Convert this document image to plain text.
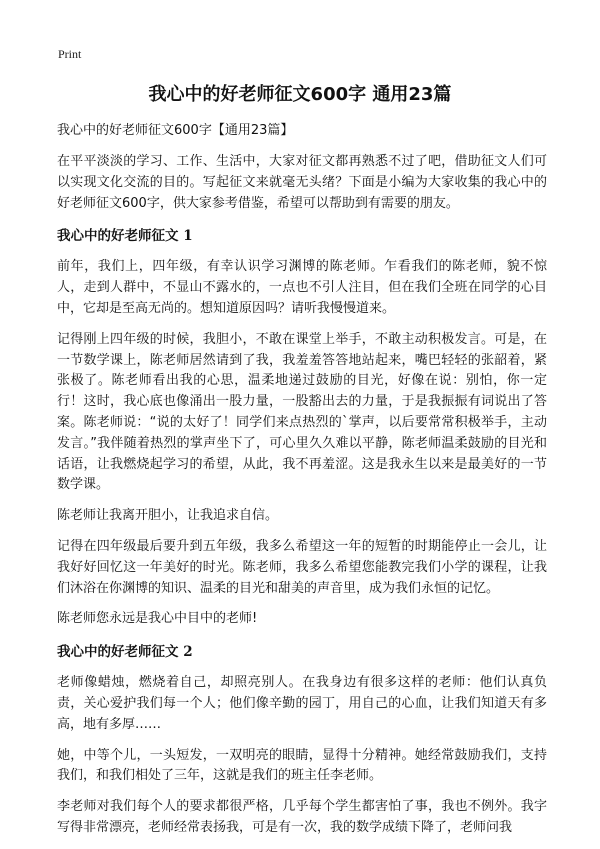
Print
我心中的好老师征文600字 通用23篇

我心中的好老师征文600字【通用23篇】

在平平淡淡的学习、工作、生活中，大家对征文都再熟悉不过了吧，借助征文人们可以实现文化交流的目的。写起征文来就毫无头绪？下面是小编为大家收集的我心中的好老师征文600字，供大家参考借鉴，希望可以帮助到有需要的朋友。

我心中的好老师征文 1

前年，我们上，四年级，有幸认识学习渊博的陈老师。乍看我们的陈老师，貌不惊人，走到人群中，不显山不露水的，一点也不引人注目，但在我们全班在同学的心目中，它却是至高无尚的。想知道原因吗？请听我慢慢道来。

记得刚上四年级的时候，我胆小，不敢在课堂上举手，不敢主动积极发言。可是，在一节数学课上，陈老师居然请到了我，我羞羞答答地站起来，嘴巴轻轻的张韶着，紧张极了。陈老师看出我的心思，温柔地递过鼓励的目光，好像在说：别怕，你一定行！这时，我心底也像涌出一股力量，一股豁出去的力量，于是我振振有词说出了答案。陈老师说：“说的太好了！同学们来点热烈的`掌声，以后要常常积极举手，主动发言。”我伴随着热烈的掌声坐下了，可心里久久难以平静，陈老师温柔鼓励的目光和话语，让我燃烧起学习的希望，从此，我不再羞涩。这是我永生以来是最美好的一节数学课。

陈老师让我离开胆小，让我追求自信。

记得在四年级最后要升到五年级，我多么希望这一年的短暂的时期能停止一会儿，让我好好回忆这一年美好的时光。陈老师，我多么希望您能教完我们小学的课程，让我们沐浴在你渊博的知识、温柔的目光和甜美的声音里，成为我们永恒的记忆。

陈老师您永远是我心中目中的老师!

我心中的好老师征文 2

老师像蜡烛，燃烧着自己，却照亮别人。在我身边有很多这样的老师：他们认真负责，关心爱护我们每一个人；他们像辛勤的园丁，用自己的心血，让我们知道天有多高，地有多厚……

她，中等个儿，一头短发，一双明亮的眼睛，显得十分精神。她经常鼓励我们，支持我们，和我们相处了三年，这就是我们的班主任李老师。

李老师对我们每个人的要求都很严格，几乎每个学生都害怕了事，我也不例外。我字写得非常漂亮，老师经常表扬我，可是有一次，我的数学成绩下降了，老师问我
